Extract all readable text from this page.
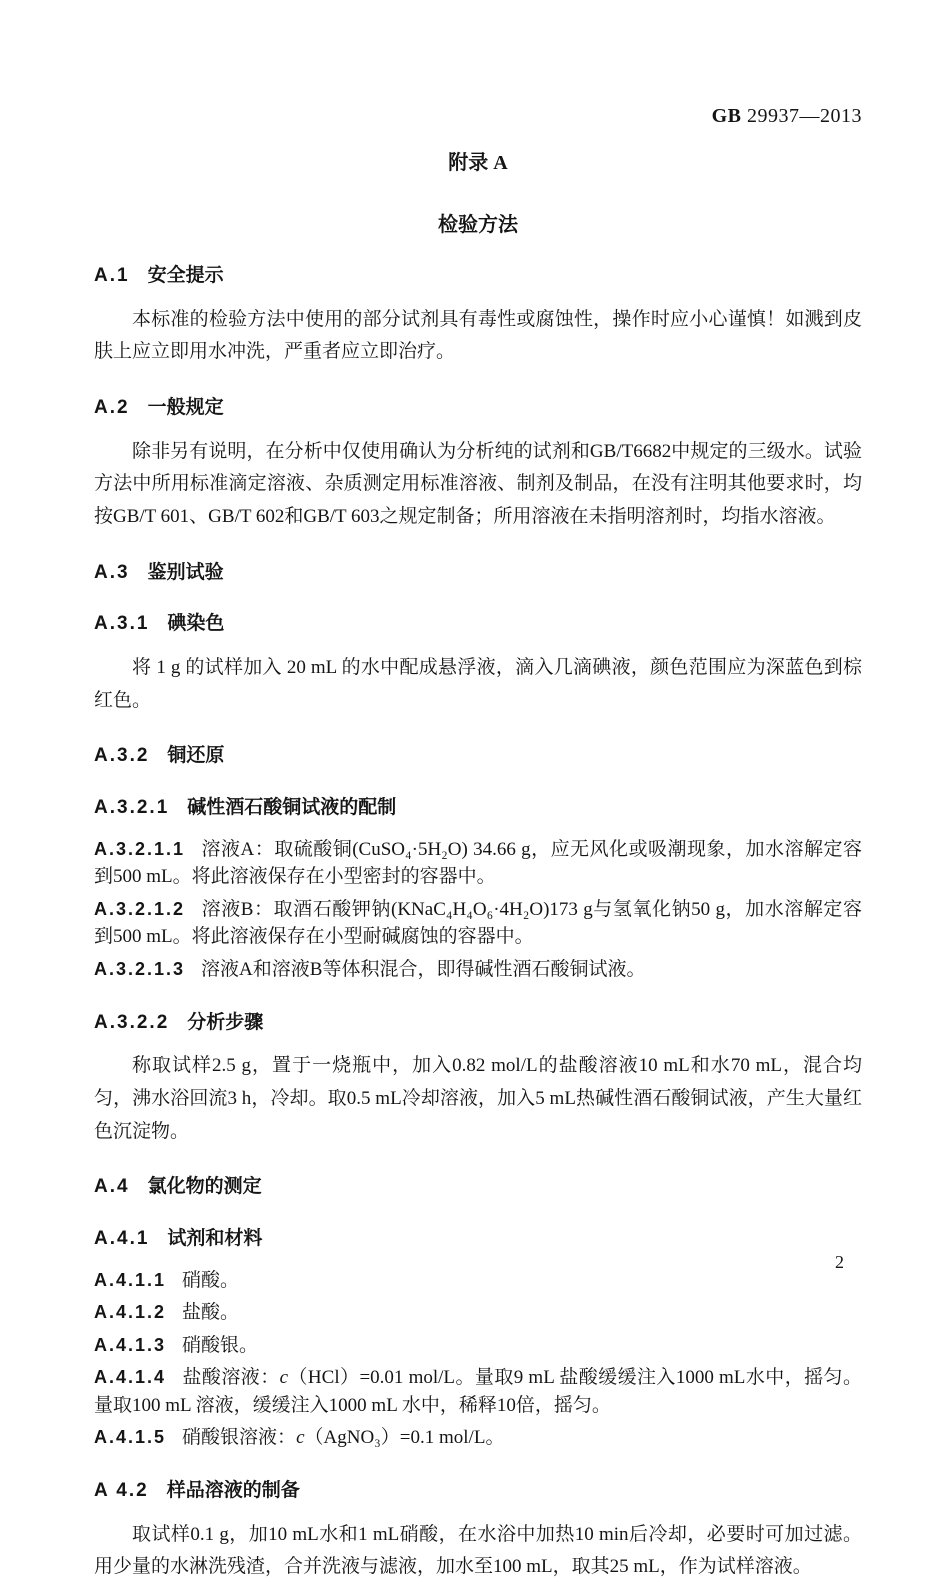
GB 29937—2013
附录 A
检验方法
A.1 安全提示

本标准的检验方法中使用的部分试剂具有毒性或腐蚀性，操作时应小心谨慎！如溅到皮肤上应立即用水冲洗，严重者应立即治疗。

A.2 一般规定

除非另有说明，在分析中仅使用确认为分析纯的试剂和GB/T6682中规定的三级水。试验方法中所用标准滴定溶液、杂质测定用标准溶液、制剂及制品，在没有注明其他要求时，均按GB/T 601、GB/T 602和GB/T 603之规定制备；所用溶液在未指明溶剂时，均指水溶液。

A.3 鉴别试验
A.3.1 碘染色

将 1 g 的试样加入 20 mL 的水中配成悬浮液，滴入几滴碘液，颜色范围应为深蓝色到棕红色。

A.3.2 铜还原
A.3.2.1 碱性酒石酸铜试液的配制

A.3.2.1.1 溶液A：取硫酸铜(CuSO₄·5H₂O) 34.66 g，应无风化或吸潮现象，加水溶解定容到500 mL。将此溶液保存在小型密封的容器中。

A.3.2.1.2 溶液B：取酒石酸钾钠(KNaC₄H₄O₆·4H₂O)173 g与氢氧化钠50 g，加水溶解定容到500 mL。将此溶液保存在小型耐碱腐蚀的容器中。

A.3.2.1.3 溶液A和溶液B等体积混合，即得碱性酒石酸铜试液。

A.3.2.2 分析步骤

称取试样2.5 g，置于一烧瓶中，加入0.82 mol/L的盐酸溶液10 mL和水70 mL，混合均匀，沸水浴回流3 h，冷却。取0.5 mL冷却溶液，加入5 mL热碱性酒石酸铜试液，产生大量红色沉淀物。

A.4 氯化物的测定
A.4.1 试剂和材料

A.4.1.1 硝酸。

A.4.1.2 盐酸。

A.4.1.3 硝酸银。

A.4.1.4 盐酸溶液：c（HCl）=0.01 mol/L。量取9 mL 盐酸缓缓注入1000 mL水中，摇匀。量取100 mL 溶液，缓缓注入1000 mL 水中，稀释10倍，摇匀。

A.4.1.5 硝酸银溶液：c（AgNO₃）=0.1 mol/L。

A 4.2 样品溶液的制备

取试样0.1 g，加10 mL水和1 mL硝酸，在水浴中加热10 min后冷却，必要时可加过滤。用少量的水淋洗残渣，合并洗液与滤液，加水至100 mL，取其25 mL，作为试样溶液。

2
